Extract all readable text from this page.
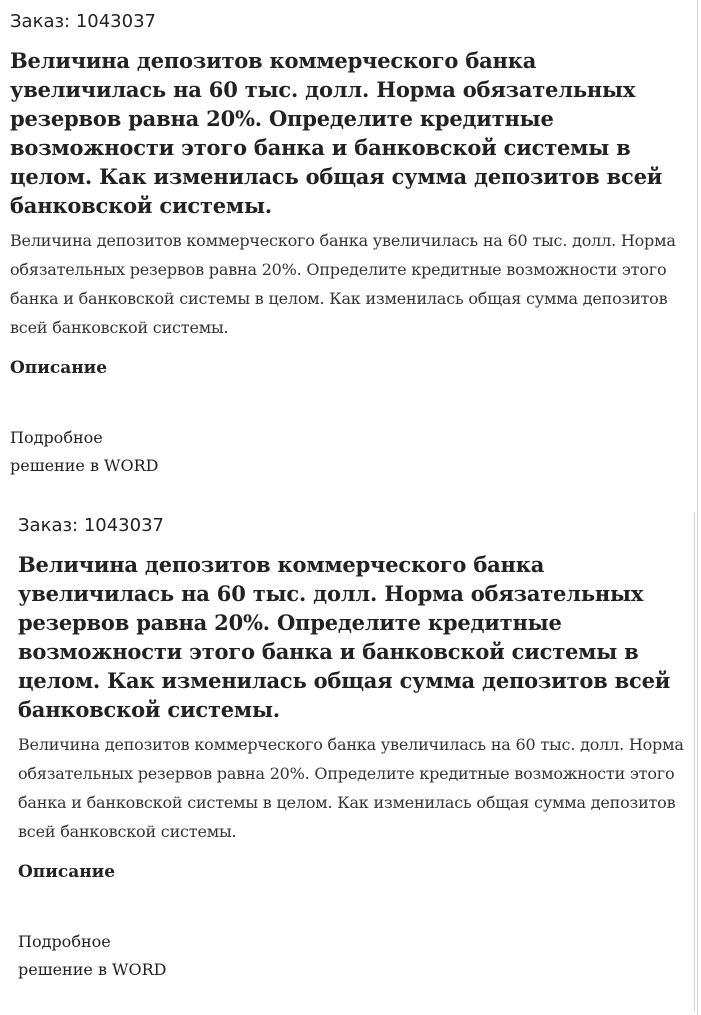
Заказ: 1043037

Величина депозитов коммерческого банка увеличилась на 60 тыс. долл. Норма обязательных резервов равна 20%. Определите кредитные возможности этого банка и банковской системы в целом. Как изменилась общая сумма депозитов всей банковской системы.

Величина депозитов коммерческого банка увеличилась на 60 тыс. долл. Норма обязательных резервов равна 20%. Определите кредитные возможности этого банка и банковской системы в целом. Как изменилась общая сумма депозитов всей банковской системы.

Описание
Подробное
решение в WORD

Заказ: 1043037

Величина депозитов коммерческого банка увеличилась на 60 тыс. долл. Норма обязательных резервов равна 20%. Определите кредитные возможности этого банка и банковской системы в целом. Как изменилась общая сумма депозитов всей банковской системы.

Величина депозитов коммерческого банка увеличилась на 60 тыс. долл. Норма обязательных резервов равна 20%. Определите кредитные возможности этого банка и банковской системы в целом. Как изменилась общая сумма депозитов всей банковской системы.

Описание
Подробное
решение в WORD
